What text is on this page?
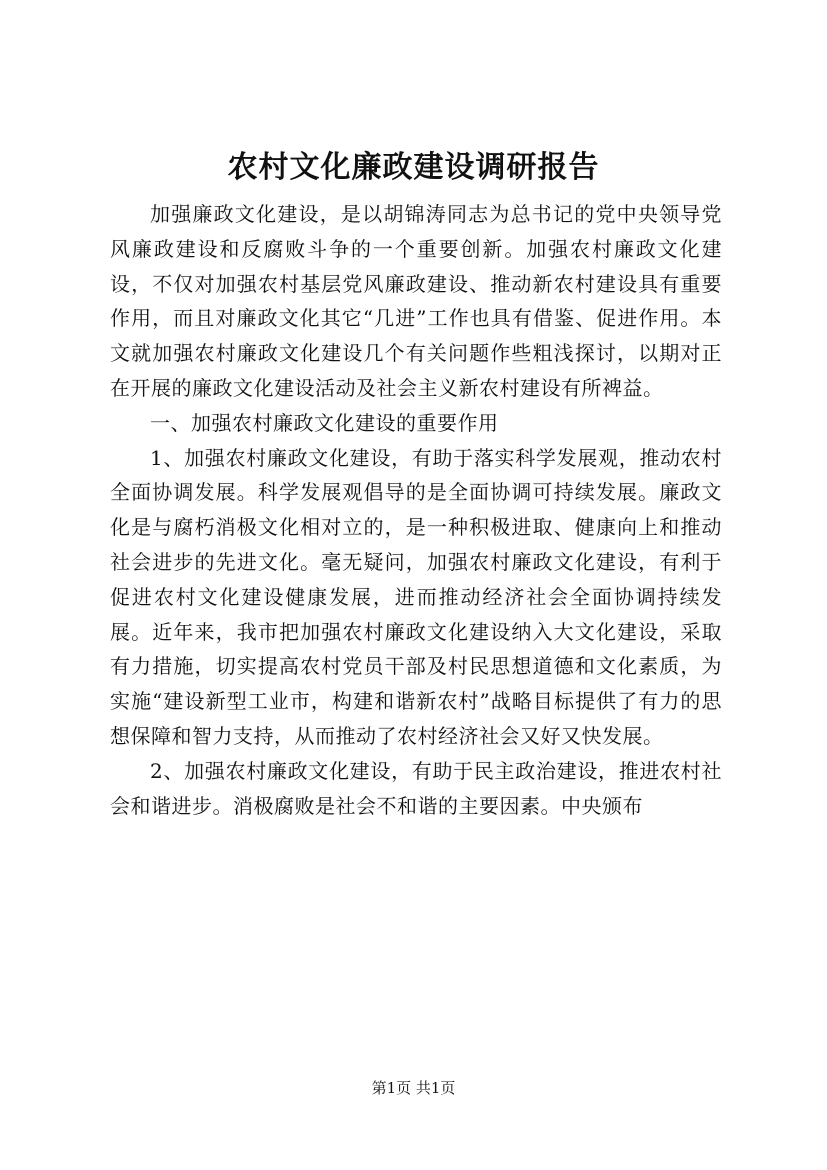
农村文化廉政建设调研报告

加强廉政文化建设，是以胡锦涛同志为总书记的党中央领导党风廉政建设和反腐败斗争的一个重要创新。加强农村廉政文化建设，不仅对加强农村基层党风廉政建设、推动新农村建设具有重要作用，而且对廉政文化其它“几进”工作也具有借鉴、促进作用。本文就加强农村廉政文化建设几个有关问题作些粗浅探讨，以期对正在开展的廉政文化建设活动及社会主义新农村建设有所裨益。

一、加强农村廉政文化建设的重要作用

1、加强农村廉政文化建设，有助于落实科学发展观，推动农村全面协调发展。科学发展观倡导的是全面协调可持续发展。廉政文化是与腐朽消极文化相对立的，是一种积极进取、健康向上和推动社会进步的先进文化。毫无疑问，加强农村廉政文化建设，有利于促进农村文化建设健康发展，进而推动经济社会全面协调持续发展。近年来，我市把加强农村廉政文化建设纳入大文化建设，采取有力措施，切实提高农村党员干部及村民思想道德和文化素质，为实施“建设新型工业市，构建和谐新农村”战略目标提供了有力的思想保障和智力支持，从而推动了农村经济社会又好又快发展。

2、加强农村廉政文化建设，有助于民主政治建设，推进农村社会和谐进步。消极腐败是社会不和谐的主要因素。中央颁布

第1页 共1页
